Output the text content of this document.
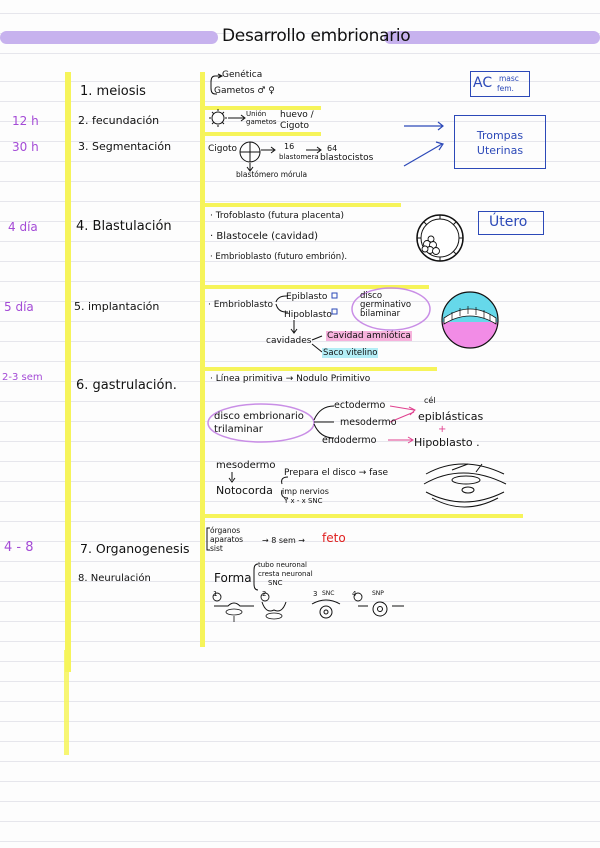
Desarrollo embrionario
12 h
30 h
4 día
5 día
2-3 sem
4 - 8
1. meiosis
2. fecundación
3. Segmentación
4. Blastulación
5. implantación
6. gastrulación.
7. Organogenesis
8. Neurulación
Genética
Gametos ♂ ♀	AC masc
fem.
Unión gametos
huevo / Cigoto
Cigoto	16
blastomera
64
blastocistos
blastómero mórula
Trompas Uterinas
· Trofoblasto (futura placenta)
· Blastocele (cavidad)
· Embrioblasto (futuro embrión).
Útero
· Embrioblasto
Epiblasto
Hipoblasto
disco germinativo bilaminar
cavidades Cavidad amniótica
Saco vitelino
· Línea primitiva → Nodulo Primitivo
disco embrionario trilaminar
ectodermo
mesodermo
endodermo
cél
epiblásticas
+
Hipoblasto .
mesodermo
Notocorda
Prepara el disco → fase
imp nervios
Y x - x SNC
órganos
aparatos
sist
→ 8 sem → feto
Forma
tubo neuronal
cresta neuronal
SNC
1	2	3 SNC	4	SNP
